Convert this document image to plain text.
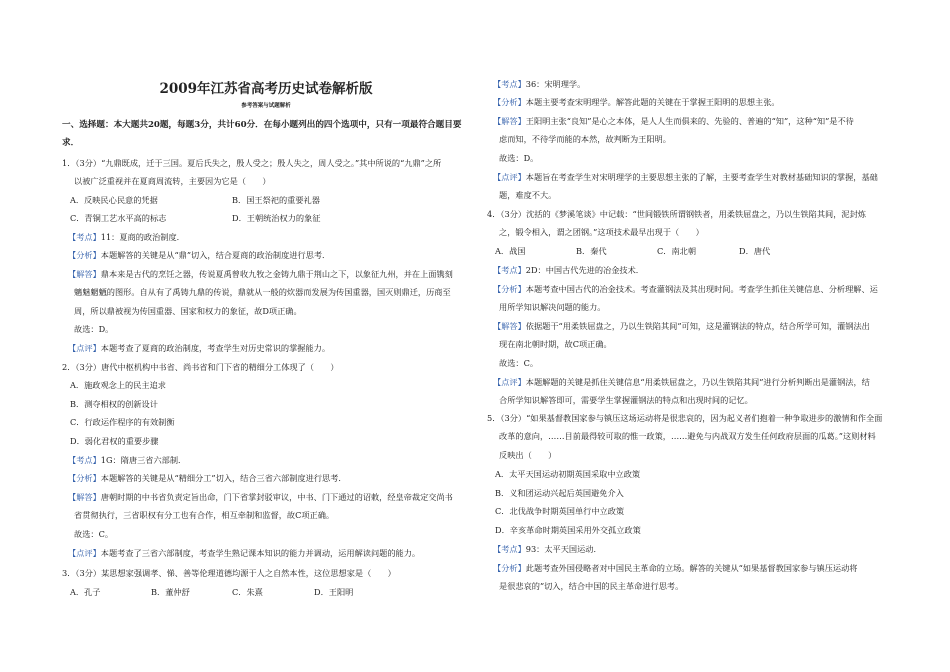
2009年江苏省高考历史试卷解析版
参考答案与试题解析
一、选择题：本大题共20题，每题3分，共计60分．在每小题列出的四个选项中，只有一项最符合题目要
求．
1．（3分）“九鼎既成，迁于三国。夏后氏失之，殷人受之；殷人失之，周人受之。”其中所说的“九鼎”之所
以被广泛重视并在夏商周流转，主要因为它是（　　）
A．反映民心民意的凭据	B．国王祭祀的重要礼器
C．青铜工艺水平高的标志	D．王朝统治权力的象征
【考点】11：夏商的政治制度．
【分析】本题解答的关键是从“鼎”切入，结合夏商的政治制度进行思考．
【解答】鼎本来是古代的烹饪之器，传说夏禹曾收九牧之金铸九鼎于荆山之下，以象征九州，并在上面镌刻
魑魅魍魉的图形。自从有了禹铸九鼎的传说，鼎就从一般的炊器而发展为传国重器，国灭则鼎迁，历商至
周，所以鼎被视为传国重器、国家和权力的象征，故D项正确。
故选：D。
【点评】本题考查了夏商的政治制度，考查学生对历史常识的掌握能力。
2．（3分）唐代中枢机构中书省、尚书省和门下省的精细分工体现了（　　）
A．施政观念上的民主追求
B．测夺相权的创新设计
C．行政运作程序的有效制衡
D．弱化君权的重要步骤
【考点】1G：隋唐三省六部制．
【分析】本题解答的关键是从“精细分工”切入，结合三省六部制度进行思考．
【解答】唐朝时期的中书省负责定旨出命，门下省掌封驳审议，中书、门下通过的诏敕，经皇帝裁定交尚书
省贯彻执行，三省职权有分工也有合作，相互牵制和监督，故C项正确。
故选：C。
【点评】本题考查了三省六部制度，考查学生熟记课本知识的能力并调动，运用解读问题的能力。
3．（3分）某思想家强调孝、悌、善等伦理道德均源于人之自然本性，这位思想家是（　　）
A．孔子	B．董仲舒	C．朱熹	D．王阳明
【考点】36：宋明理学。
【分析】本题主要考查宋明理学。解答此题的关键在于掌握王阳明的思想主张。
【解答】王阳明主张“良知”是心之本体，是人人生而俱来的、先验的、普遍的“知”，这种“知”是不待
虑而知，不待学而能的本然，故判断为王阳明。
故选：D。
【点评】本题旨在考查学生对宋明理学的主要思想主张的了解，主要考查学生对教材基础知识的掌握，基础
题，难度不大。
4．（3分）沈括的《梦溪笔谈》中记载：“世间锻铁所谓钢铁者，用柔铁屈盘之，乃以生铁陷其间，泥封炼
之，锻令相入，谓之团钢。”这项技术最早出现于（　　）
A．战国	B．秦代	C．南北朝	D．唐代
【考点】2D：中国古代先进的冶金技术．
【分析】本题考查中国古代的冶金技术。考查灌钢法及其出现时间。考查学生抓住关键信息、分析理解、运
用所学知识解决问题的能力。
【解答】依据题干“用柔铁屈盘之，乃以生铁陷其间”可知，这是灌钢法的特点，结合所学可知，灌钢法出
现在南北朝时期，故C项正确。
故选：C。
【点评】本题解题的关键是抓住关键信息“用柔铁屈盘之，乃以生铁陷其间”进行分析判断出是灌钢法，结
合所学知识解答即可，需要学生掌握灌钢法的特点和出现时间的记忆。
5．（3分）“如果基督教国家参与镇压这场运动将是很悲哀的，因为起义者们抱着一种争取进步的激情和作全面
改革的意向，……目前最得较可取的惟一政策，……避免与内战双方发生任何政府层面的瓜葛。”这则材料
反映出（　　）
A．太平天国运动初期英国采取中立政策
B．义和团运动兴起后英国避免介入
C．北伐战争时期英国单行中立政策
D．辛亥革命时期英国采用外交孤立政策
【考点】93：太平天国运动．
【分析】此题考查外国侵略者对中国民主革命的立场。解答的关键从“如果基督教国家参与镇压运动将
是很悲哀的”切入，结合中国的民主革命进行思考。
